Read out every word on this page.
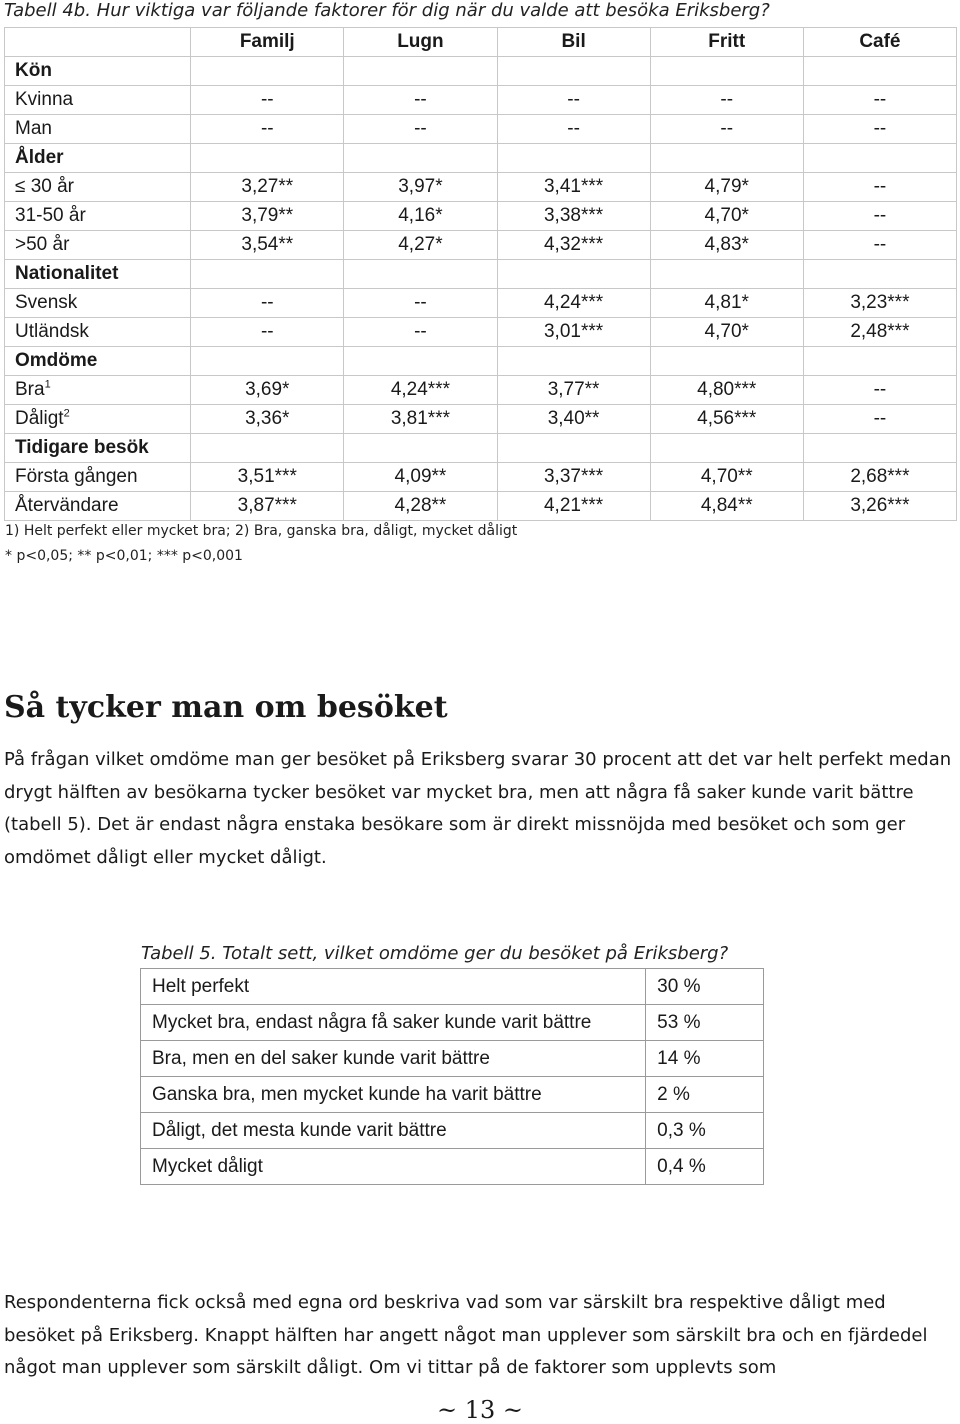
Tabell 4b. Hur viktiga var följande faktorer för dig när du valde att besöka Eriksberg?
	Familj	Lugn	Bil	Fritt	Café
Kön					
Kvinna	--	--	--	--	--
Man	--	--	--	--	--
Ålder					
≤ 30 år	3,27**	3,97*	3,41***	4,79*	--
31-50 år	3,79**	4,16*	3,38***	4,70*	--
>50 år	3,54**	4,27*	4,32***	4,83*	--
Nationalitet					
Svensk	--	--	4,24***	4,81*	3,23***
Utländsk	--	--	3,01***	4,70*	2,48***
Omdöme					
Bra$^1$	3,69*	4,24***	3,77**	4,80***	--
Dåligt$^2$	3,36*	3,81***	3,40**	4,56***	--
Tidigare besök					
Första gången	3,51***	4,09**	3,37***	4,70**	2,68***
Återvändare	3,87***	4,28**	4,21***	4,84**	3,26***
1) Helt perfekt eller mycket bra; 2) Bra, ganska bra, dåligt, mycket dåligt
* p<0,05; ** p<0,01; *** p<0,001
Så tycker man om besöket

På frågan vilket omdöme man ger besöket på Eriksberg svarar 30 procent att det var helt perfekt medan drygt hälften av besökarna tycker besöket var mycket bra, men att några få saker kunde varit bättre (tabell 5). Det är endast några enstaka besökare som är direkt missnöjda med besöket och som ger omdömet dåligt eller mycket dåligt.

Tabell 5. Totalt sett, vilket omdöme ger du besöket på Eriksberg?
Helt perfekt	30 %
Mycket bra, endast några få saker kunde varit bättre	53 %
Bra, men en del saker kunde varit bättre	14 %
Ganska bra, men mycket kunde ha varit bättre	2 %
Dåligt, det mesta kunde varit bättre	0,3 %
Mycket dåligt	0,4 %

Respondenterna fick också med egna ord beskriva vad som var särskilt bra respektive dåligt med besöket på Eriksberg. Knappt hälften har angett något man upplever som särskilt bra och en fjärdedel något man upplever som särskilt dåligt. Om vi tittar på de faktorer som upplevts som

~ 13 ~
